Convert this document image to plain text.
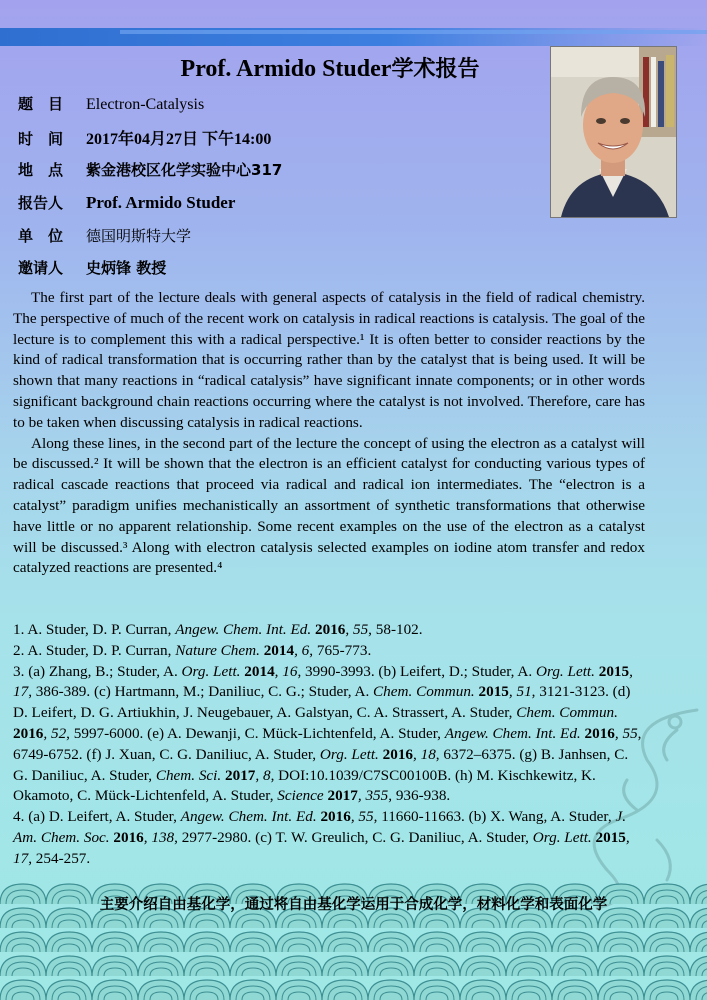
Prof. Armido Studer学术报告
题　目 Electron-Catalysis
时　间 2017年04月27日 下午14:00
地　点 紫金港校区化学实验中心317
报告人 Prof. Armido Studer
单　位 德国明斯特大学
邀请人 史炳锋 教授

The first part of the lecture deals with general aspects of catalysis in the field of radical chemistry. The perspective of much of the recent work on catalysis in radical reactions is catalysis. The goal of the lecture is to complement this with a radical perspective.¹ It is often better to consider reactions by the kind of radical transformation that is occurring rather than by the catalyst that is being used. It will be shown that many reactions in “radical catalysis” have significant innate components; or in other words significant background chain reactions occurring where the catalyst is not involved. Therefore, care has to be taken when discussing catalysis in radical reactions.

Along these lines, in the second part of the lecture the concept of using the electron as a catalyst will be discussed.² It will be shown that the electron is an efficient catalyst for conducting various types of radical cascade reactions that proceed via radical and radical ion intermediates. The “electron is a catalyst” paradigm unifies mechanistically an assortment of synthetic transformations that otherwise have little or no apparent relationship. Some recent examples on the use of the electron as a catalyst will be discussed.³ Along with electron catalysis selected examples on iodine atom transfer and redox catalyzed reactions are presented.⁴

1. A. Studer, D. P. Curran, Angew. Chem. Int. Ed. 2016, 55, 58-102.
2. A. Studer, D. P. Curran, Nature Chem. 2014, 6, 765-773.
3. (a) Zhang, B.; Studer, A. Org. Lett. 2014, 16, 3990-3993. (b) Leifert, D.; Studer, A. Org. Lett. 2015, 17, 386-389. (c) Hartmann, M.; Daniliuc, C. G.; Studer, A. Chem. Commun. 2015, 51, 3121-3123. (d) D. Leifert, D. G. Artiukhin, J. Neugebauer, A. Galstyan, C. A. Strassert, A. Studer, Chem. Commun. 2016, 52, 5997-6000. (e) A. Dewanji, C. Mück-Lichtenfeld, A. Studer, Angew. Chem. Int. Ed. 2016, 55, 6749-6752. (f) J. Xuan, C. G. Daniliuc, A. Studer, Org. Lett. 2016, 18, 6372–6375. (g) B. Janhsen, C. G. Daniliuc, A. Studer, Chem. Sci. 2017, 8, DOI:10.1039/C7SC00100B. (h) M. Kischkewitz, K. Okamoto, C. Mück-Lichtenfeld, A. Studer, Science 2017, 355, 936-938.
4. (a) D. Leifert, A. Studer, Angew. Chem. Int. Ed. 2016, 55, 11660-11663. (b) X. Wang, A. Studer, J. Am. Chem. Soc. 2016, 138, 2977-2980. (c) T. W. Greulich, C. G. Daniliuc, A. Studer, Org. Lett. 2015, 17, 254-257.
主要介绍自由基化学，通过将自由基化学运用于合成化学，材料化学和表面化学
